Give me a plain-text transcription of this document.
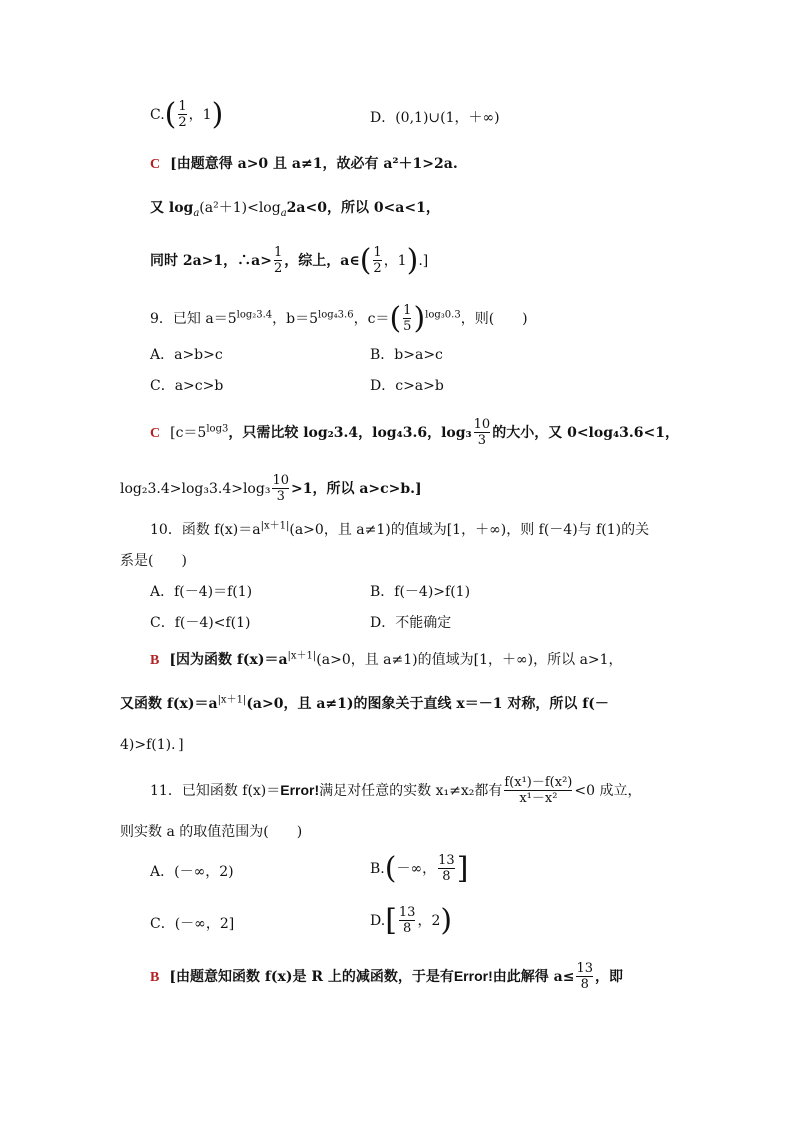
$C.( \frac{1}{2}$ ，1)	D．(0,1)∪(1，＋∞)
C [由题意得 a>0 且 a≠1，故必有 a²＋1>2a.
又 $\log_a(a^2+1)<\log_a2a<0$，所以 0<a<1，
同时 2a>1，∴a> $\frac{1}{2}$ ，综上，a∈( $\frac{1}{2}$ ，1).]
9．已知 $a=5^{log_23.4}$，$b=5^{log_43.6}$，$c=( \frac{1}{5} )^{log_30.3}$，则(　　)
A．a>b>c	B．b>a>c
C．a>c>b	D．c>a>b
C [$c=5^{log3}$，只需比较 log₂3.4，log₄3.6，$\log_3 \frac{10}{3}$ 的大小，又 0<log₄3.6<1，
$\log_23.4>\log_33.4>\log_3 \frac{10}{3} >1$，所以 a>c>b.]
10．函数 $f(x)=a^{|x+1|}(a>0$，且 a≠1)的值域为[1，＋∞)，则 f(－4)与 f(1)的关
系是(　　)
A．f(－4)＝f(1)	B．f(－4)>f(1)
C．f(－4)<f(1)	D．不能确定
B [因为函数 $f(x)=a^{|x+1|}(a>0$，且 a≠1)的值域为[1，＋∞)，所以 a>1，
又函数 $f(x)=a^{|x+1|}(a>0$，且 a≠1)的图象关于直线 x＝－1 对称，所以 f(－
4)>f(1)．]
11．已知函数 f(x)＝Error!满足对任意的实数 x₁≠x₂都有 $\frac{\text{f(x¹)－f(x²)}}{\text{x¹－x²}} <0$ 成立，
则实数 a 的取值范围为(　　)
A．(－∞，2)	B.(－∞， $\frac{13}{8}$ ]
C．(－∞，2]	$D.[ \frac{13}{8}$ ，2)
B [由题意知函数 f(x)是 R 上的减函数，于是有Error!由此解得 $a\le \frac{13}{8}$ ，即
